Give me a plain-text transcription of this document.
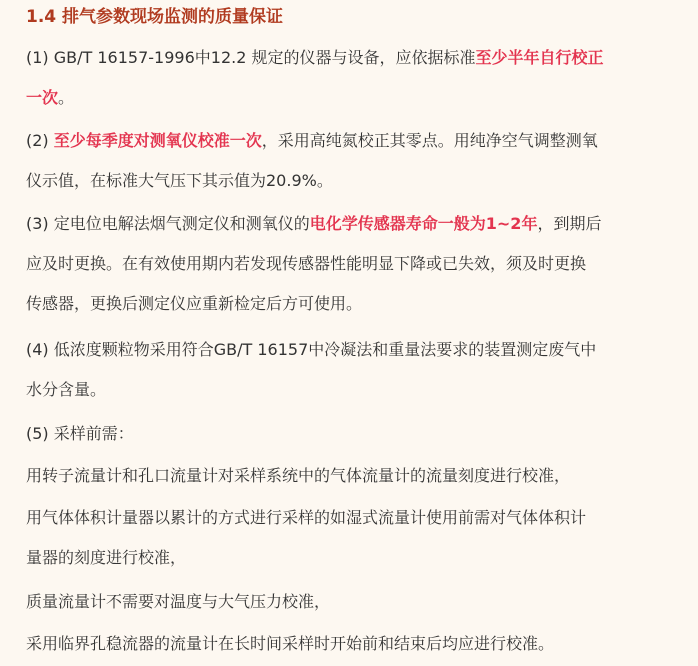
1.4 排气参数现场监测的质量保证
(1) GB/T 16157-1996中12.2 规定的仪器与设备，应依据标准至少半年自行校正
一次。
(2) 至少每季度对测氧仪校准一次，采用高纯氮校正其零点。用纯净空气调整测氧
仪示值，在标准大气压下其示值为20.9%。
(3) 定电位电解法烟气测定仪和测氧仪的电化学传感器寿命一般为1~2年，到期后
应及时更换。在有效使用期内若发现传感器性能明显下降或已失效，须及时更换
传感器，更换后测定仪应重新检定后方可使用。
(4) 低浓度颗粒物采用符合GB/T 16157中冷凝法和重量法要求的装置测定废气中
水分含量。
(5) 采样前需：
用转子流量计和孔口流量计对采样系统中的气体流量计的流量刻度进行校准，
用气体体积计量器以累计的方式进行采样的如湿式流量计使用前需对气体体积计
量器的刻度进行校准，
质量流量计不需要对温度与大气压力校准，
采用临界孔稳流器的流量计在长时间采样时开始前和结束后均应进行校准。
